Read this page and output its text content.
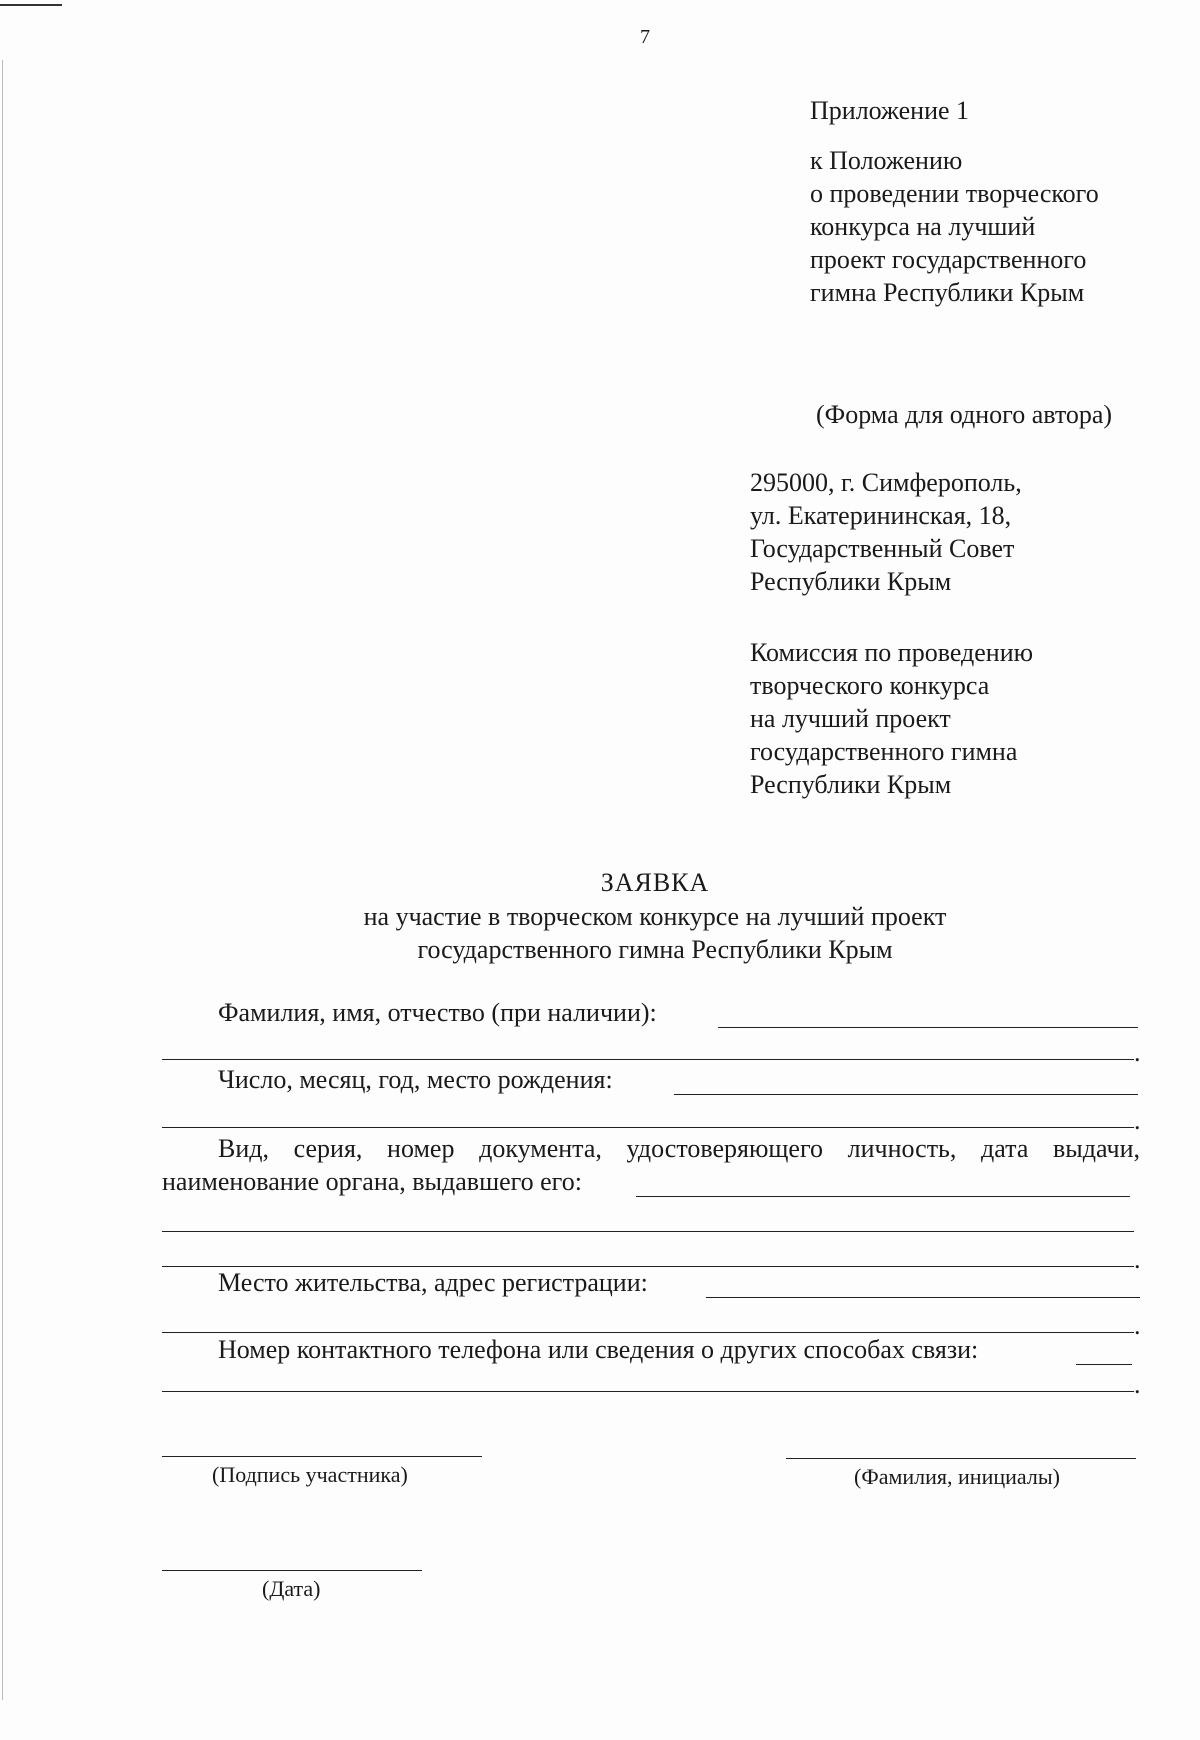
7
Приложение 1
к Положению
о проведении творческого
конкурса на лучший
проект государственного
гимна Республики Крым
(Форма для одного автора)
295000, г. Симферополь,
ул. Екатерининская, 18,
Государственный Совет
Республики Крым
Комиссия по проведению
творческого конкурса
на лучший проект
государственного гимна
Республики Крым
ЗАЯВКА
на участие в творческом конкурсе на лучший проект
государственного гимна Республики Крым
Фамилия, имя, отчество (при наличии):
.
Число, месяц, год, место рождения:
.
Вид, серия, номер документа, удостоверяющего личность, дата выдачи,
наименование органа, выдавшего его:
.
Место жительства, адрес регистрации:
.
Номер контактного телефона или сведения о других способах связи:
.
(Подпись участника)	(Фамилия, инициалы)
(Дата)
